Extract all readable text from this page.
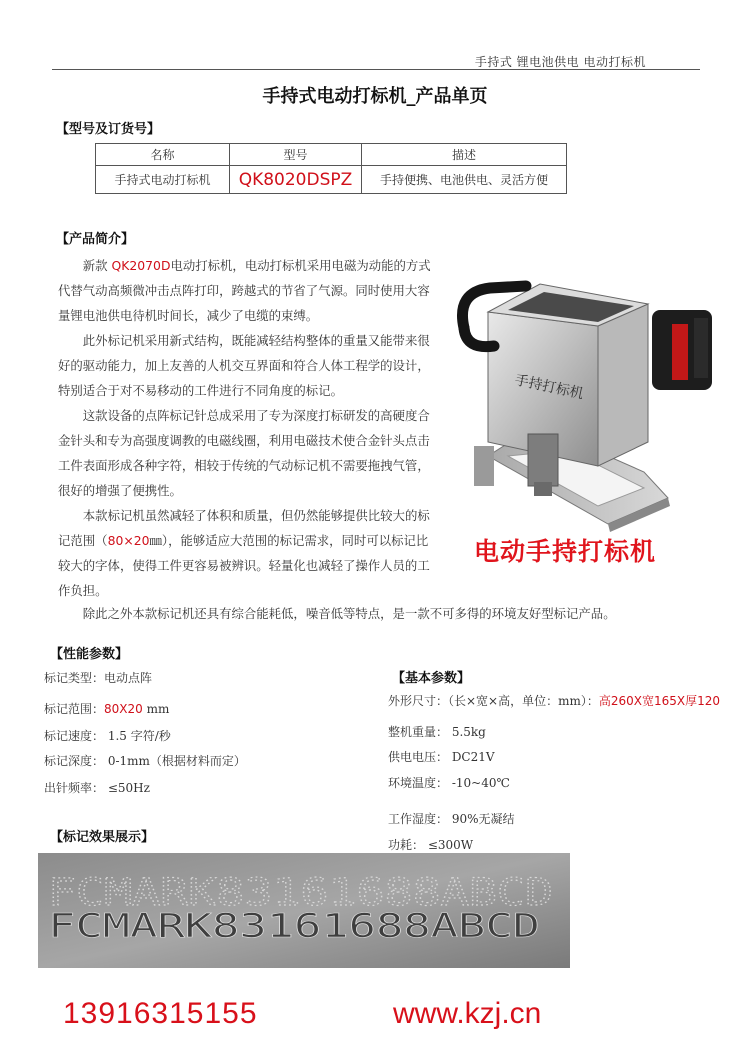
手持式 锂电池供电 电动打标机
手持式电动打标机_产品单页
【型号及订货号】
名称	型号	描述
手持式电动打标机	QK8020DSPZ	手持便携、电池供电、灵活方便
【产品简介】

新款 QK2070D电动打标机，电动打标机采用电磁为动能的方式代替气动高频微冲击点阵打印，跨越式的节省了气源。同时使用大容量锂电池供电待机时间长，减少了电缆的束缚。

此外标记机采用新式结构，既能减轻结构整体的重量又能带来很好的驱动能力，加上友善的人机交互界面和符合人体工程学的设计，特别适合于对不易移动的工件进行不同角度的标记。

这款设备的点阵标记针总成采用了专为深度打标研发的高硬度合金针头和专为高强度调教的电磁线圈，利用电磁技术使合金针头点击工件表面形成各种字符，相较于传统的气动标记机不需要拖拽气管，很好的增强了便携性。

本款标记机虽然减轻了体积和质量，但仍然能够提供比较大的标记范围（80×20㎜），能够适应大范围的标记需求，同时可以标记比较大的字体，使得工件更容易被辨识。轻量化也减轻了操作人员的工作负担。

除此之外本款标记机还具有综合能耗低，噪音低等特点，是一款不可多得的环境友好型标记产品。
手持打标机
电动手持打标机
【性能参数】
标记类型：电动点阵
标记范围：80X20 mm
标记速度： 1.5 字符/秒
标记深度： 0-1mm（根据材料而定）
出针频率： ≤50Hz
【基本参数】
外形尺寸：（长×宽×高，单位：mm）：高260X宽165X厚120
整机重量： 5.5kg
供电电压： DC21V
环境温度： -10~40℃
工作湿度： 90%无凝结
功耗： ≤300W
【标记效果展示】
FCMARK83161688ABCD
FCMARK83161688ABCD
13916315155	www.kzj.cn
